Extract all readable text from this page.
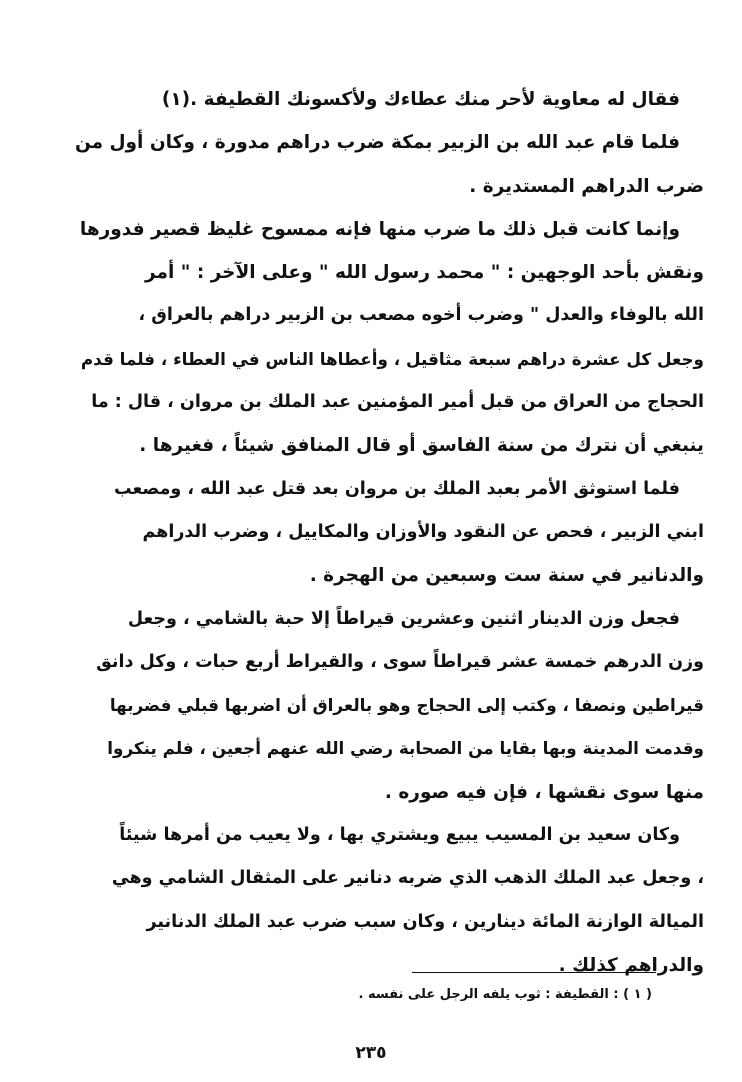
فقال له معاوية لأحر منك عطاءك ولأكسونك القطيفة .(١)
فلما قام عبد الله بن الزبير بمكة ضرب دراهم مدورة ، وكان أول من
ضرب الدراهم المستديرة .
وإنما كانت قبل ذلك ما ضرب منها فإنه ممسوح غليظ قصير فدورها
ونقش بأحد الوجهين : " محمد رسول الله " وعلى الآخر : " أمر
الله بالوفاء والعدل " وضرب أخوه مصعب بن الزبير دراهم بالعراق ،
وجعل كل عشرة دراهم سبعة مثاقيل ، وأعطاها الناس في العطاء ، فلما قدم
الحجاج من العراق من قبل أمير المؤمنين عبد الملك بن مروان ، قال : ما
ينبغي أن نترك من سنة الفاسق أو قال المنافق شيئاً ، فغيرها .
فلما استوثق الأمر بعبد الملك بن مروان بعد قتل عبد الله ، ومصعب
ابني الزبير ، فحص عن النقود والأوزان والمكاييل ، وضرب الدراهم
والدنانير في سنة ست وسبعين من الهجرة .
فجعل وزن الدينار اثنين وعشرين قيراطاً إلا حبة بالشامي ، وجعل
وزن الدرهم خمسة عشر قيراطاً سوى ، والقيراط أربع حبات ، وكل دانق
قيراطين ونصفا ، وكتب إلى الحجاج وهو بالعراق أن اضربها قبلي فضربها
وقدمت المدينة وبها بقايا من الصحابة رضي الله عنهم أجعين ، فلم ينكروا
منها سوى نقشها ، فإن فيه صوره .
وكان سعيد بن المسيب يبيع ويشتري بها ، ولا يعيب من أمرها شيئاً
، وجعل عبد الملك الذهب الذي ضربه دنانير على المثقال الشامي وهي
الميالة الوازنة المائة دينارين ، وكان سبب ضرب عبد الملك الدنانير
والدراهم كذلك .
( ١ ) : القطيفة : ثوب يلفه الرجل على نفسه .
٢٣٥
